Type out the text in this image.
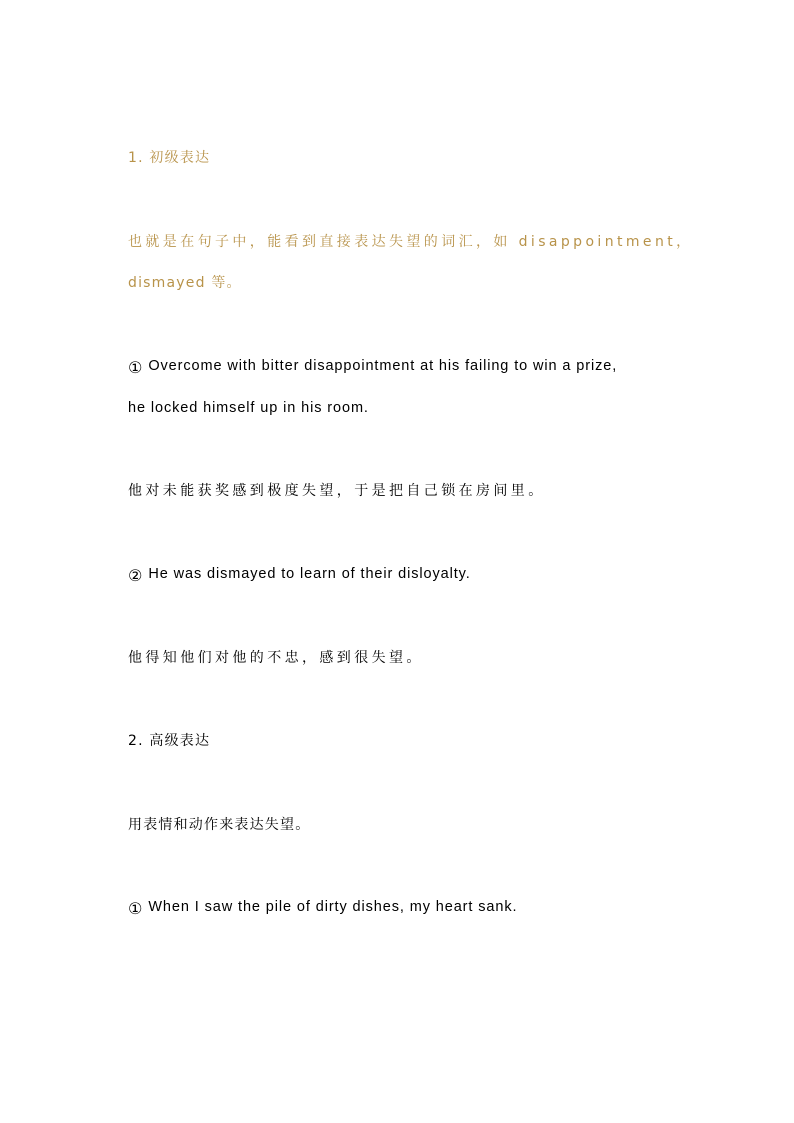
1. 初级表达
也就是在句子中，能看到直接表达失望的词汇，如 disappointment，
dismayed 等。
① Overcome with bitter disappointment at his failing to win a prize,
he locked himself up in his room.
他对未能获奖感到极度失望，于是把自己锁在房间里。
② He was dismayed to learn of their disloyalty.
他得知他们对他的不忠，感到很失望。
2. 高级表达
用表情和动作来表达失望。
① When I saw the pile of dirty dishes, my heart sank.
